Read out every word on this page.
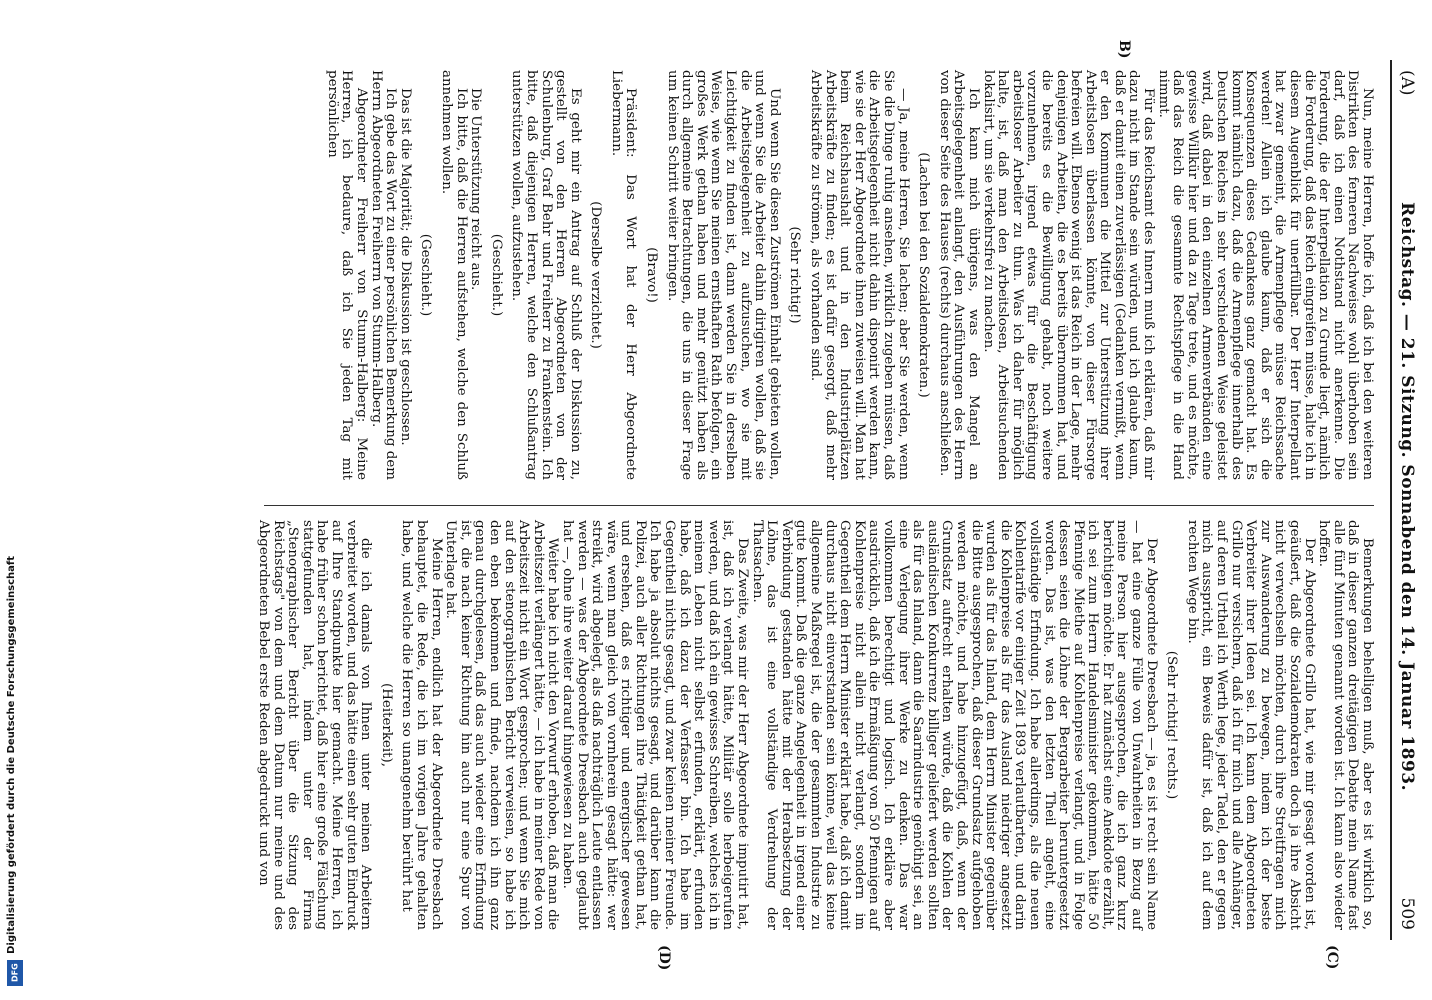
(A)
Reichstag. — 21. Sitzung. Sonnabend den 14. Januar 1893.
509

Nun, meine Herren, hoffe ich, daß ich bei den weiteren Distrikten des ferneren Nachweises wohl überhoben sein darf, daß ich einen Nothstand nicht anerkenne. Die Forderung, die der Interpellation zu Grunde liegt, nämlich die Forderung, daß das Reich eingreifen müsse, halte ich in diesem Augenblick für unerfüllbar. Der Herr Interpellant hat zwar gemeint, die Armenpflege müsse Reichssache werden! Allein ich glaube kaum, daß er sich die Konsequenzen dieses Gedankens ganz gemacht hat. Es kommt nämlich dazu, daß die Armenpflege innerhalb des Deutschen Reiches in sehr verschiedenen Weise geleistet wird, daß dabei in den einzelnen Armenverbänden eine gewisse Willkür hier und da zu Tage trete, und es möchte, daß das Reich die gesammte Rechtspflege in die Hand nimmt.

Für das Reichsamt des Innern muß ich erklären, daß mir dazu nicht im Stande sein würden, und ich glaube kaum, daß er damit einen zuverlässigen (Gedanken vermißt, wenn er den Kommunen die Mittel zur Unterstützung ihrer Arbeitslosen überlassen könnte, von dieser Fürsorge befreien will. Ebenso wenig ist das Reich in der Lage, mehr denjenigen Arbeiten, die es bereits übernommen hat, und die bereits es die Bewilligung gehabt, noch weitere vorzunehmen, irgend etwas für die Beschäftigung arbeitsloser Arbeiter zu thun. Was ich daher für möglich halte, ist, daß man den Arbeitslosen, Arbeitsuchenden lokalisirt, um sie verkehrsfrei zu machen.

Ich kann mich übrigens, was den Mangel an Arbeitsgelegenheit anlangt, den Ausführungen des Herrn von dieser Seite des Hauses (rechts) durchaus anschließen.

(Lachen bei den Sozialdemokraten.)

— Ja, meine Herren, Sie lachen; aber Sie werden, wenn Sie die Dinge ruhig ansehen, wirklich zugeben müssen, daß die Arbeitsgelegenheit nicht dahin disponirt werden kann, wie sie der Herr Abgeordnete ihnen zuweisen will. Man hat beim Reichshaushalt und in den Industrieplätzen Arbeitskräfte zu finden; es ist dafür gesorgt, daß mehr Arbeitskräfte zu strömen, als vorhanden sind.

(Sehr richtig!)

Und wenn Sie diesen Zuströmen Einhalt gebieten wollen, und wenn Sie die Arbeiter dahin dirigiren wollen, daß sie die Arbeitsgelegenheit zu aufzusuchen, wo sie mit Leichtigkeit zu finden ist, dann werden Sie in derselben Weise, wie wenn Sie meinen ernsthaften Rath befolgen, ein großes Werk gethan haben und mehr genützt haben als durch allgemeine Betrachtungen, die uns in dieser Frage um keinen Schritt weiter bringen.

(Bravo!)

Präsident: Das Wort hat der Herr Abgeordnete Liebermann.

(Derselbe verzichtet.)

Es geht mir ein Antrag auf Schluß der Diskussion zu, gestellt von den Herren Abgeordneten von der Schulenburg, Graf Behr und Freiherr zu Frankenstein. Ich bitte, daß diejenigen Herren, welche den Schlußantrag unterstützen wollen, aufzustehen.

(Geschieht.)

Die Unterstützung reicht aus.

Ich bitte, daß die Herren aufstehen, welche den Schluß annehmen wollen.

(Geschieht.)

Das ist die Majorität; die Diskussion ist geschlossen.

Ich gebe das Wort zu einer persönlichen Bemerkung dem Herrn Abgeordneten Freiherrn von Stumm-Halberg.

Abgeordneter Freiherr von Stumm-Halberg: Meine Herren, ich bedaure, daß ich Sie jeden Tag mit persönlichen

Bemerkungen behelligen muß, aber es ist wirklich so, daß in dieser ganzen dreitägigen Debatte mein Name fast alle fünf Minuten genannt worden ist. Ich kann also wieder hoffen.

Der Abgeordnete Grillo hat, wie mir gesagt worden ist, geäußert, daß die Sozialdemokraten doch ja ihre Absicht nicht verwechseln möchten, durch ihre Streitfragen mich zur Auswanderung zu bewegen, indem ich der beste Verbreiter ihrer Ideen sei. Ich kann dem Abgeordneten Grillo nur versichern, daß ich für mich und alle Anhänger, auf deren Urtheil ich Werth lege, jeder Tadel, den er gegen mich ausspricht, ein Beweis dafür ist, daß ich auf dem rechten Wege bin.

(Sehr richtig! rechts.)

Der Abgeordnete Dreesbach — ja, es ist recht sein Name — hat eine ganze Fülle von Unwahrheiten in Bezug auf meine Person hier ausgesprochen, die ich ganz kurz berichtigen möchte. Er hat zunächst eine Anekdote erzählt, ich sei zum Herrn Handelsminister gekommen, hätte 50 Pfennige Miethe auf Kohlenpreise verlangt, und in Folge dessen seien die Löhne der Bergarbeiter heruntergesetzt worden. Das ist, was den letzten Theil angeht, eine vollständige Erfindung. Ich habe allerdings, als die neuen Kohlentarife vor einiger Zeit 1893 verlautbarten, und darin die Kohlenpreise als für das Ausland niedriger angesetzt wurden als für das Inland, dem Herrn Minister gegenüber die Bitte ausgesprochen, daß dieser Grundsatz aufgehoben werden möchte, und habe hinzugefügt, daß, wenn der Grundsatz aufrecht erhalten würde, daß die Kohlen der ausländischen Konkurrenz billiger geliefert werden sollten als für das Inland, dann die Saarindustrie genöthigt sei, an eine Verlegung ihrer Werke zu denken. Das war vollkommen berechtigt und logisch. Ich erkläre aber ausdrücklich, daß ich die Ermäßigung von 50 Pfennigen auf Kohlenpreise nicht allein nicht verlangt, sondern im Gegentheil dem Herrn Minister erklärt habe, daß ich damit durchaus nicht einverstanden sein könne, weil das keine allgemeine Maßregel ist, die der gesammten Industrie zu gute kommt. Daß die ganze Angelegenheit in irgend einer Verbindung gestanden hätte mit der Herabsetzung der Löhne, das ist eine vollständige Verdrehung der Thatsachen.

Das Zweite, was mir der Herr Abgeordnete imputirt hat, ist, daß ich verlangt hätte, Militär solle herbeigerufen werden, und daß ich ein gewisses Schreiben, welches ich in meinem Leben nicht selbst erfunden, erklärt, erfunden habe, daß ich dazu der Verfasser bin. Ich habe im Gegentheil nichts gesagt, und zwar keinen meiner Freunde. Ich habe ja absolut nichts gesagt, und darüber kann die Polizei, auch aller Richtungen ihre Thätigkeit gethan hat, und ersehen, daß es richtiger und energischer gewesen wäre, wenn man gleich von vornherein gesagt hätte: wer streikt, wird abgelegt, als daß nachträglich Leute entlassen werden — was der Abgeordnete Dreesbach auch geglaubt hat —, ohne ihre weiter darauf hingewiesen zu haben.

Weiter habe ich nicht den Vorwurf erhoben, daß man die Arbeitszeit verlängert hätte, — ich habe in meiner Rede von Arbeitszeit nicht ein Wort gesprochen; und wenn Sie mich auf den stenographischen Bericht verweisen, so habe ich den eben bekommen und finde, nachdem ich ihn ganz genau durchgelesen, daß das auch wieder eine Erfindung ist, die nach keiner Richtung hin auch nur eine Spur von Unterlage hat.

Meine Herren, endlich hat der Abgeordnete Dreesbach behauptet, die Rede, die ich im vorigen Jahre gehalten habe, und welche die Herren so unangenehm berührt hat

(Heiterkeit),

die ich damals von Ihnen unter meinen Arbeitern verbreitet worden, und das hätte einen sehr guten Eindruck auf Ihre Standpunkte hier gemacht. Meine Herren, ich habe früher schon berichtet, daß hier eine große Fälschung stattgefunden hat, indem unter der Firma „Stenographischer Bericht über die Sitzung des Reichstags" von dem und dem Datum nur meine und des Abgeordneten Bebel erste Reden abgedruckt und von

B)
(C)
(D)
Digitalisierung gefördert durch die Deutsche Forschungsgemeinschaft
DFG
